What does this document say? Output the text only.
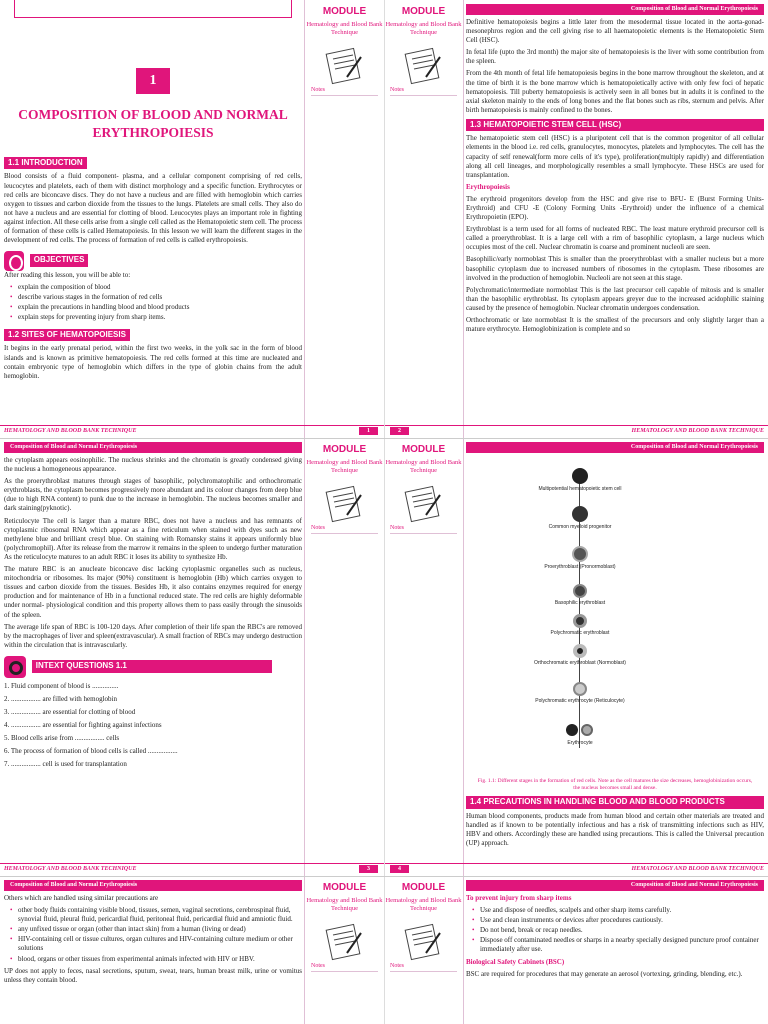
1
COMPOSITION OF BLOOD AND NORMAL ERYTHROPOIESIS
1.1 INTRODUCTION

Blood consists of a fluid component- plasma, and a cellular component comprising of red cells, leucocytes and platelets, each of them with distinct morphology and a specific function. Erythrocytes or red cells are biconcave discs. They do not have a nucleus and are filled with hemoglobin which carries oxygen to tissues and carbon dioxide from the tissues to the lungs. Platelets are small cells. They also do not have a nucleus and are essential for clotting of blood. Leucocytes plays an important role in fighting against infection. All these cells arise from a single cell called as the Hematopoietic stem cell. The process of formation of these cells is called Hematopoiesis. In this lesson we will learn the different stages in the development of red cells. The process of formation of red cells is called erythropoiesis.

OBJECTIVES

After reading this lesson, you will be able to:

• explain the composition of blood
• describe various stages in the formation of red cells
• explain the precautions in handling blood and blood products
• explain steps for preventing injury from sharp items.
1.2 SITES OF HEMATOPOIESIS

It begins in the early prenatal period, within the first two weeks, in the yolk sac in the form of blood islands and is known as primitive hematopoiesis. The red cells formed at this time are nucleated and contain embryonic type of hemoglobin which differs in the type of globin chains from the adult hemoglobin.

MODULE
Hematology and Blood Bank Technique
Notes
HEMATOLOGY AND BLOOD BANK TECHNIQUE	1
MODULE
Hematology and Blood Bank Technique
Notes
Composition of Blood and Normal Erythropoiesis

Definitive hematopoiesis begins a little later from the mesodermal tissue located in the aorta-gonad-mesonephros region and the cell giving rise to all haematopoietic elements is the Hematopoietic Stem Cell (HSC).

In fetal life (upto the 3rd month) the major site of hematopoiesis is the liver with some contribution from the spleen.

From the 4th month of fetal life hematopoiesis begins in the bone marrow throughout the skeleton, and at the time of birth it is the bone marrow which is hematopoietically active with only few foci of hepatic hematopoiesis. Till puberty hematopoiesis is actively seen in all bones but in adults it is confined to the axial skeleton mainly to the ends of long bones and the flat bones such as ribs, sternum and pelvis. After birth hematopoiesis is mainly confined to the bones.

1.3 HEMATOPOIETIC STEM CELL (HSC)

The hematopoietic stem cell (HSC) is a pluripotent cell that is the common progenitor of all cellular elements in the blood i.e. red cells, granulocytes, monocytes, platelets and lymphocytes. The cell has the capacity of self renewal(form more cells of it's type), proliferation(multiply rapidly) and differentiation along all cell lineages, and morphologically resembles a small lymphocyte. These HSCs are used for transplantation.

Erythropoiesis

The erythroid progenitors develop from the HSC and give rise to BFU- E (Burst Forming Units- Erythroid) and CFU -E (Colony Forming Units -Erythroid) under the influence of a chemical Erythropoietin (EPO).

Erythroblast is a term used for all forms of nucleated RBC. The least mature erythroid precursor cell is called a proerythroblast. It is a large cell with a rim of basophilic cytoplasm, a large nucleus which occupies most of the cell. Nuclear chromatin is coarse and prominent nucleoli are seen.

Basophilic/early normoblast This is smaller than the proerythroblast with a smaller nucleus but a more basophilic cytoplasm due to increased numbers of ribosomes in the cytoplasm. These ribosomes are involved in the production of hemoglobin. Nucleoli are not seen at this stage.

Polychromatic/intermediate normoblast This is the last precursor cell capable of mitosis and is smaller than the basophilic erythroblast. Its cytoplasm appears greyer due to the increased acidophilic staining caused by the presence of hemoglobin. Nuclear chromatin undergoes condensation.

Orthochromatic or late normoblast It is the smallest of the precursors and only slightly larger than a mature erythrocyte. Hemoglobinization is complete and so

2	HEMATOLOGY AND BLOOD BANK TECHNIQUE
Composition of Blood and Normal Erythropoiesis

the cytoplasm appears eosinophilic. The nucleus shrinks and the chromatin is greatly condensed giving the nucleus a homogeneous appearance.

As the proerythroblast matures through stages of basophilic, polychromatophilic and orthochromatic erythroblasts, the cytoplasm becomes progressively more abundant and its colour changes from deep blue (due to high RNA content) to punk due to the increase in hemoglobin. The nucleus becomes smaller and dark staining(pyknotic).

Reticulocyte The cell is larger than a mature RBC, does not have a nucleus and has remnants of cytoplasmic ribosomal RNA which appear as a fine reticulum when stained with dyes such as new methylene blue and brilliant cresyl blue. On staining with Romansky stains it appears uniformly blue (polychromophil). After its release from the marrow it remains in the spleen to undergo further maturation As the reticulocyte matures to an adult RBC it loses its ability to synthesize Hb.

The mature RBC is an anucleate biconcave disc lacking cytoplasmic organelles such as nucleus, mitochondria or ribosomes. Its major (90%) constituent is hemoglobin (Hb) which carries oxygen to tissues and carbon dioxide from the tissues. Besides Hb, it also contains enzymes required for energy production and for maintenance of Hb in a functional reduced state. The red cells are highly deformable under normal- physiological condition and this property allows them to pass easily through the sinusoids of the spleen.

The average life span of RBC is 100-120 days. After completion of their life span the RBC's are removed by the macrophages of liver and spleen(extravascular). A small fraction of RBCs may undergo destruction within the circulation that is intravascularly.

INTEXT QUESTIONS 1.1
1. Fluid component of blood is ...............
2. ................. are filled with hemoglobin
3. ................. are essential for clotting of blood
4. ................. are essential for fighting against infections
5. Blood cells arise from ................. cells
6. The process of formation of blood cells is called .................
7. ................. cell is used for transplantation
MODULE
Hematology and Blood Bank Technique
Notes
HEMATOLOGY AND BLOOD BANK TECHNIQUE	3
MODULE
Hematology and Blood Bank Technique
Notes
Composition of Blood and Normal Erythropoiesis
Multipotential hematopoietic stem cell
Common myeloid progenitor
Proerythroblast (Pronormoblast)
Basophilic erythroblast
Polychromatic erythroblast
Orthochromatic erythroblast (Normoblast)
Polychromatic erythrocyte (Reticulocyte)
Erythrocyte

Fig. 1.1: Different stages in the formation of red cells. Note as the cell matures the size decreases, hemoglobinization occurs, the nucleus becomes small and dense.

1.4 PRECAUTIONS IN HANDLING BLOOD AND BLOOD PRODUCTS

Human blood components, products made from human blood and certain other materials are treated and handled as if known to be potentially infectious and has a risk of transmitting infections such as HIV, HBV and others. Accordingly these are handled using precautions. This is called the Universal precaution (UP) approach.

4	HEMATOLOGY AND BLOOD BANK TECHNIQUE
Composition of Blood and Normal Erythropoiesis

Others which are handled using similar precautions are

• other body fluids containing visible blood, tissues, semen, vaginal secretions, cerebrospinal fluid, synovial fluid, pleural fluid, pericardial fluid, peritoneal fluid, pericardial fluid and amniotic fluid.
• any unfixed tissue or organ (other than intact skin) from a human (living or dead)
• HIV-containing cell or tissue cultures, organ cultures and HIV-containing culture medium or other solutions
• blood, organs or other tissues from experimental animals infected with HIV or HBV.

UP does not apply to feces, nasal secretions, sputum, sweat, tears, human breast milk, urine or vomitus unless they contain blood.

MODULE
Hematology and Blood Bank Technique
Notes
MODULE
Hematology and Blood Bank Technique
Notes
Composition of Blood and Normal Erythropoiesis

To prevent injury from sharp items

• Use and dispose of needles, scalpels and other sharp items carefully.
• Use and clean instruments or devices after procedures cautiously.
• Do not bend, break or recap needles.
• Dispose off contaminated needles or sharps in a nearby specially designed puncture proof container immediately after use.

Biological Safety Cabinets (BSC)

BSC are required for procedures that may generate an aerosol (vortexing, grinding, blending, etc.).
